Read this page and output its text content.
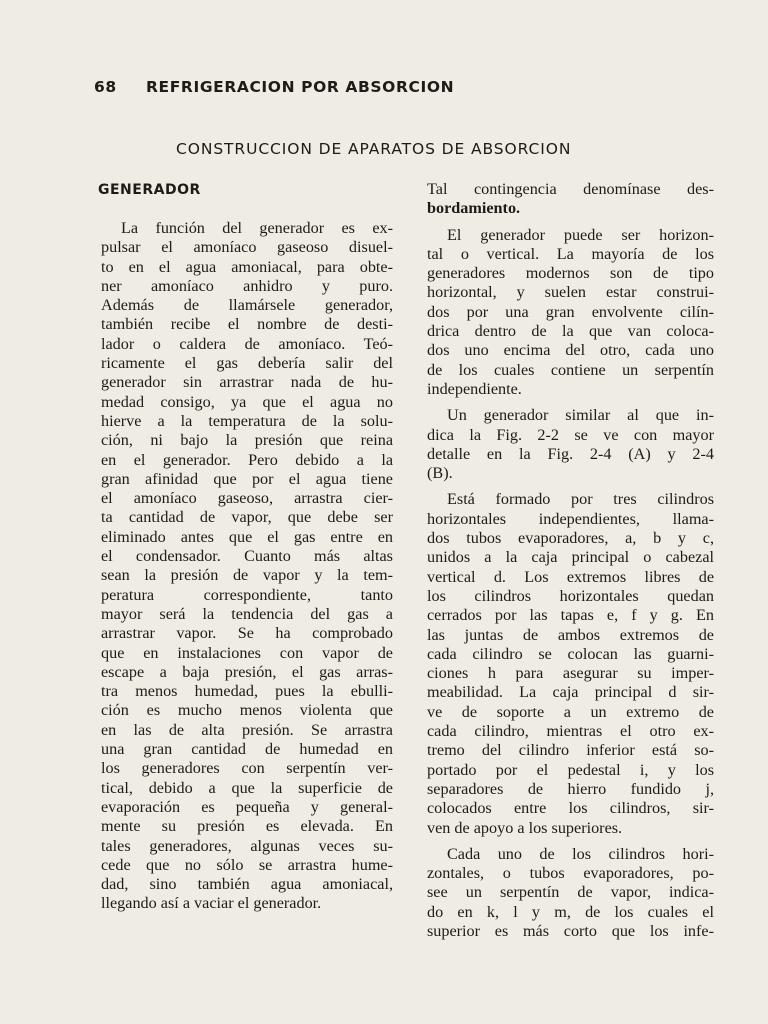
68 REFRIGERACION POR ABSORCION
CONSTRUCCION DE APARATOS DE ABSORCION
GENERADOR

La función del generador es ex-

pulsar el amoníaco gaseoso disuel-

to en el agua amoniacal, para obte-

ner amoníaco anhidro y puro.

Además de llamársele generador,

también recibe el nombre de desti-

lador o caldera de amoníaco. Teó-

ricamente el gas debería salir del

generador sin arrastrar nada de hu-

medad consigo, ya que el agua no

hierve a la temperatura de la solu-

ción, ni bajo la presión que reina

en el generador. Pero debido a la

gran afinidad que por el agua tiene

el amoníaco gaseoso, arrastra cier-

ta cantidad de vapor, que debe ser

eliminado antes que el gas entre en

el condensador. Cuanto más altas

sean la presión de vapor y la tem-

peratura correspondiente, tanto

mayor será la tendencia del gas a

arrastrar vapor. Se ha comprobado

que en instalaciones con vapor de

escape a baja presión, el gas arras-

tra menos humedad, pues la ebulli-

ción es mucho menos violenta que

en las de alta presión. Se arrastra

una gran cantidad de humedad en

los generadores con serpentín ver-

tical, debido a que la superficie de

evaporación es pequeña y general-

mente su presión es elevada. En

tales generadores, algunas veces su-

cede que no sólo se arrastra hume-

dad, sino también agua amoniacal,

llegando así a vaciar el generador.

Tal contingencia denomínase des-

bordamiento.

El generador puede ser horizon-

tal o vertical. La mayoría de los

generadores modernos son de tipo

horizontal, y suelen estar construi-

dos por una gran envolvente cilín-

drica dentro de la que van coloca-

dos uno encima del otro, cada uno

de los cuales contiene un serpentín

independiente.

Un generador similar al que in-

dica la Fig. 2-2 se ve con mayor

detalle en la Fig. 2-4 (A) y 2-4

(B).

Está formado por tres cilindros

horizontales independientes, llama-

dos tubos evaporadores, a, b y c,

unidos a la caja principal o cabezal

vertical d. Los extremos libres de

los cilindros horizontales quedan

cerrados por las tapas e, f y g. En

las juntas de ambos extremos de

cada cilindro se colocan las guarni-

ciones h para asegurar su imper-

meabilidad. La caja principal d sir-

ve de soporte a un extremo de

cada cilindro, mientras el otro ex-

tremo del cilindro inferior está so-

portado por el pedestal i, y los

separadores de hierro fundido j,

colocados entre los cilindros, sir-

ven de apoyo a los superiores.

Cada uno de los cilindros hori-

zontales, o tubos evaporadores, po-

see un serpentín de vapor, indica-

do en k, l y m, de los cuales el

superior es más corto que los infe-
